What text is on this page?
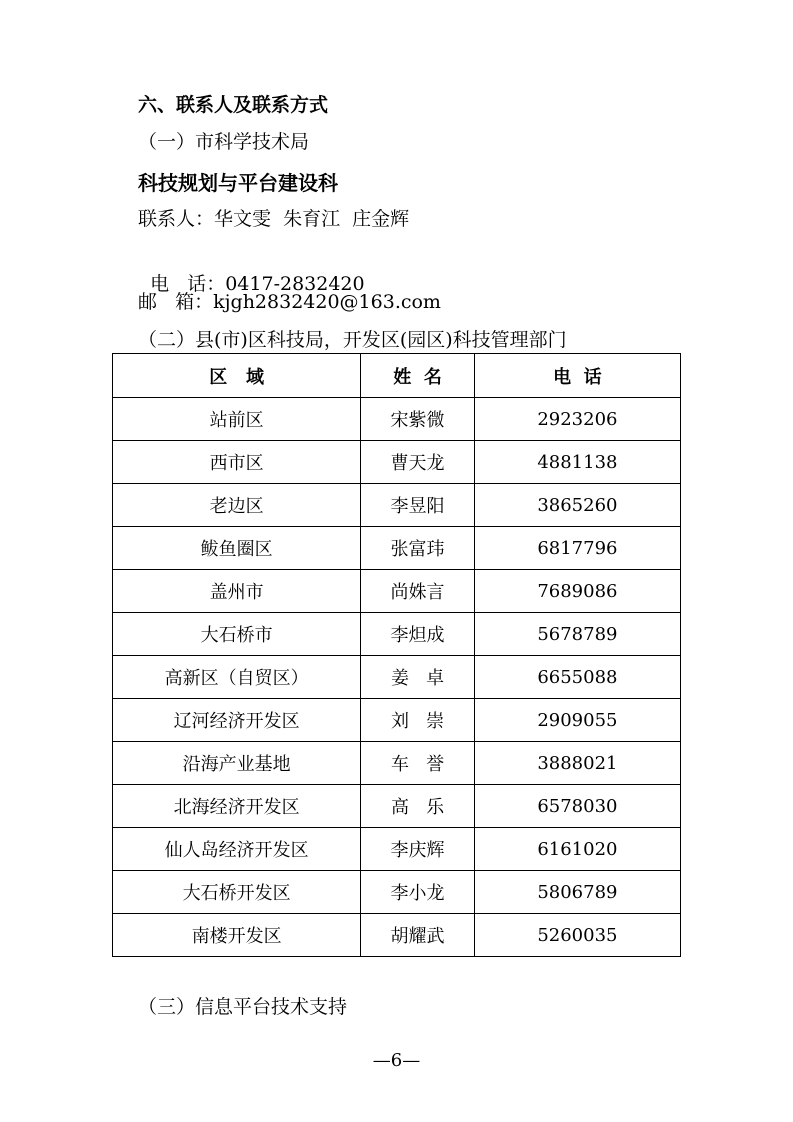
六、联系人及联系方式
（一）市科学技术局
科技规划与平台建设科
联系人：华文雯  朱育江  庄金辉

电   话：0417-2832420

邮   箱：kjgh2832420@163.com
（二）县(市)区科技局，开发区(园区)科技管理部门
区   域	姓  名	电  话
站前区	宋紫微	2923206
西市区	曹天龙	4881138
老边区	李昱阳	3865260
鲅鱼圈区	张富玮	6817796
盖州市	尚姝言	7689086
大石桥市	李炟成	5678789
高新区（自贸区）	姜   卓	6655088
辽河经济开发区	刘   崇	2909055
沿海产业基地	车   誉	3888021
北海经济开发区	高   乐	6578030
仙人岛经济开发区	李庆辉	6161020
大石桥开发区	李小龙	5806789
南楼开发区	胡耀武	5260035
（三）信息平台技术支持
—6—
